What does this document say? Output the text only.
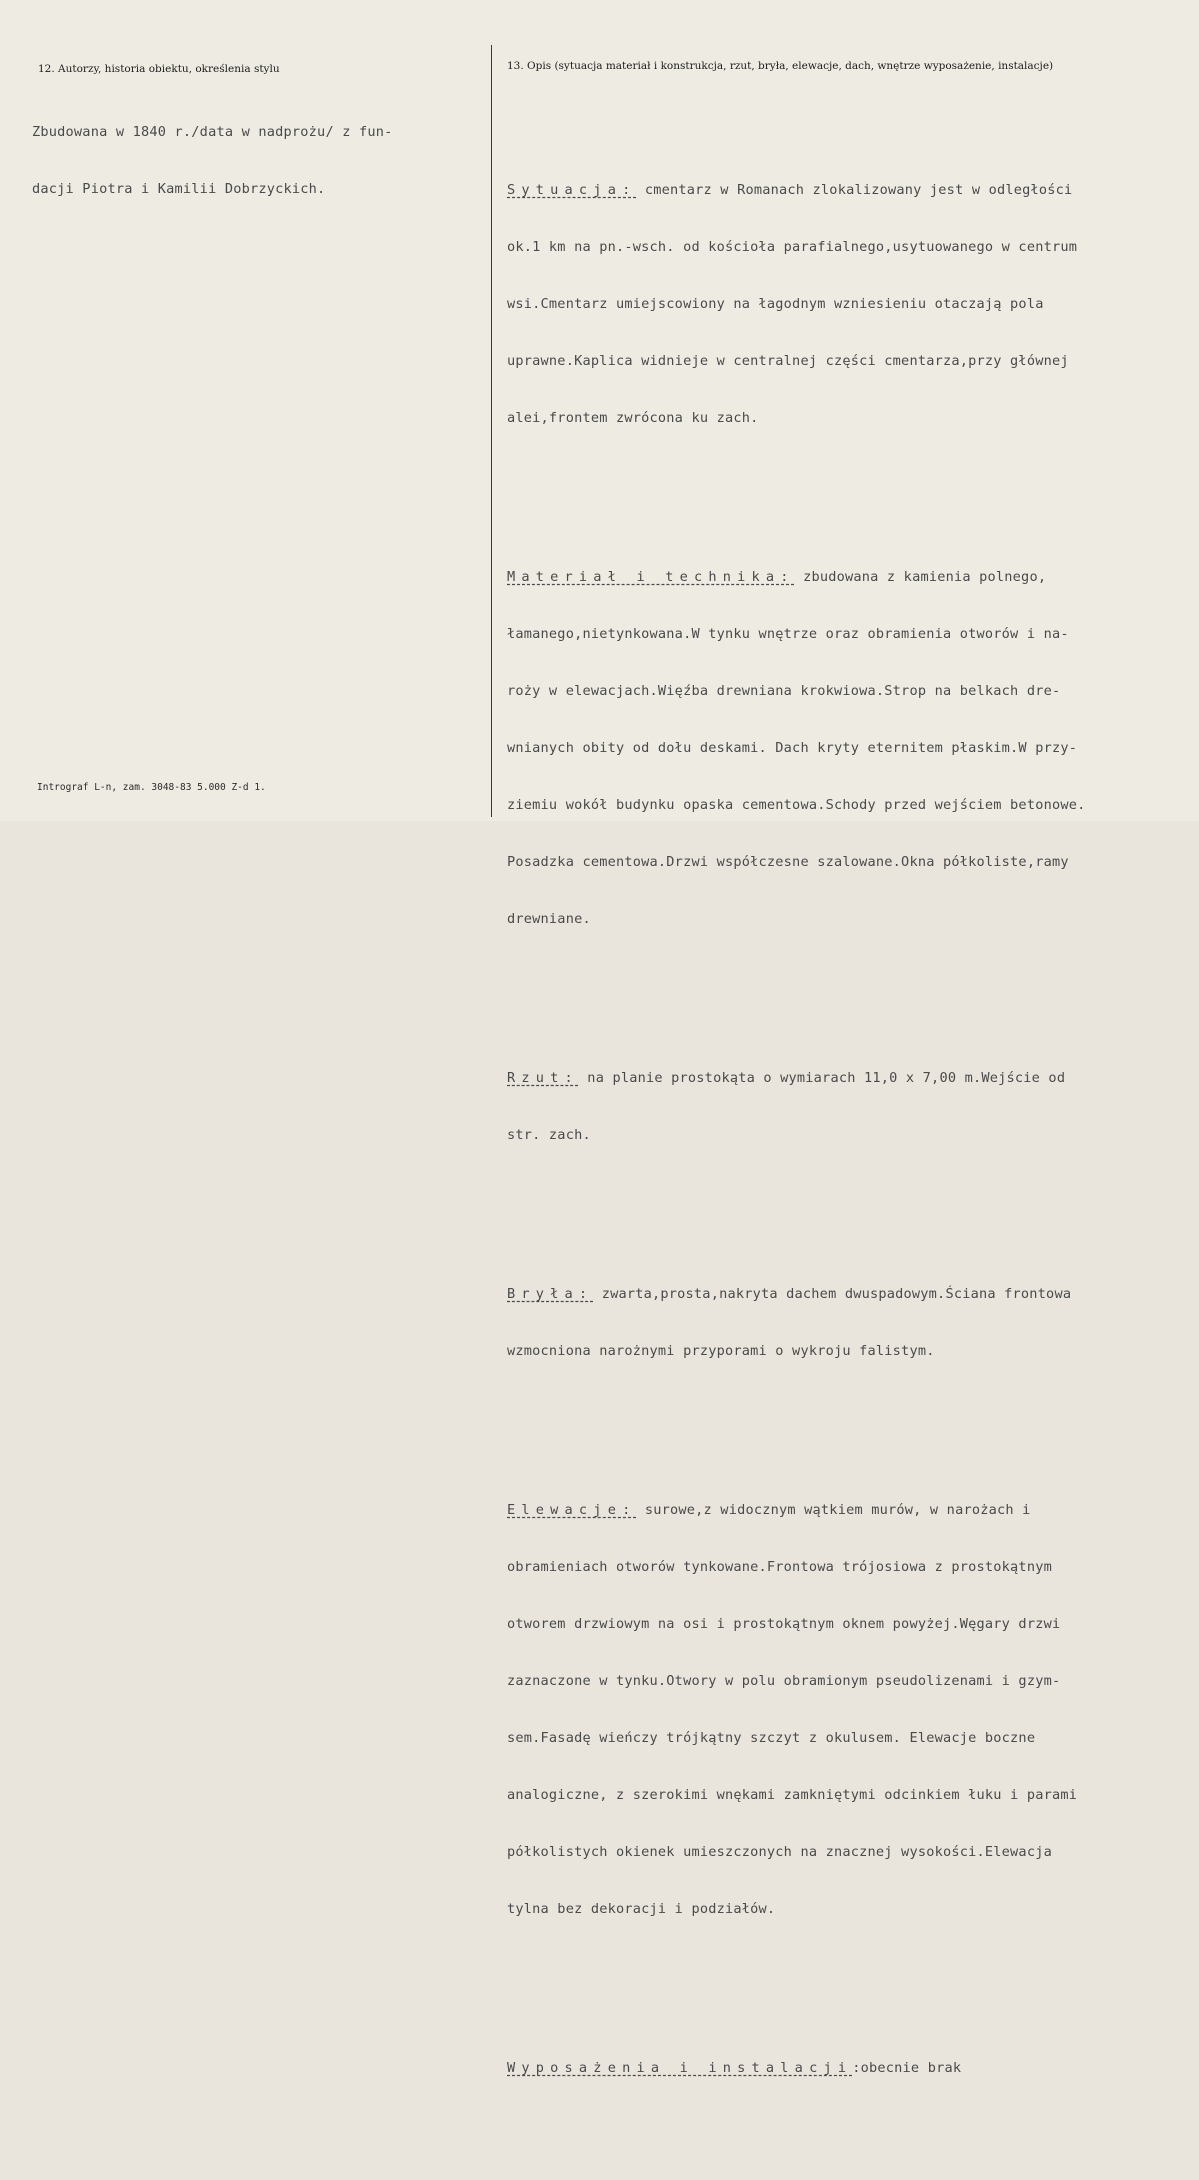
12. Autorzy, historia obiektu, określenia stylu	13. Opis (sytuacja materiał i konstrukcja, rzut, bryła, elewacje, dach, wnętrze wyposażenie, instalacje)

Zbudowana w 1840 r./data w nadprożu/ z fun-

dacji Piotra i Kamilii Dobrzyckich.

	Sytuacja: cmentarz w Romanach zlokalizowany jest w odległości

ok.1 km na pn.-wsch. od kościoła parafialnego,usytuowanego w centrum

wsi.Cmentarz umiejscowiony na łagodnym wzniesieniu otaczają pola

uprawne.Kaplica widnieje w centralnej części cmentarza,przy głównej

alei,frontem zwrócona ku zach.

Materiał i technika: zbudowana z kamienia polnego,

łamanego,nietynkowana.W tynku wnętrze oraz obramienia otworów i na-

roży w elewacjach.Więźba drewniana krokwiowa.Strop na belkach dre-

wnianych obity od dołu deskami. Dach kryty eternitem płaskim.W przy-

ziemiu wokół budynku opaska cementowa.Schody przed wejściem betonowe.

Posadzka cementowa.Drzwi współczesne szalowane.Okna półkoliste,ramy

drewniane.

Rzut: na planie prostokąta o wymiarach 11,0 x 7,00 m.Wejście od

str. zach.

Bryła: zwarta,prosta,nakryta dachem dwuspadowym.Ściana frontowa

wzmocniona narożnymi przyporami o wykroju falistym.

Elewacje: surowe,z widocznym wątkiem murów, w narożach i

obramieniach otworów tynkowane.Frontowa trójosiowa z prostokątnym

otworem drzwiowym na osi i prostokątnym oknem powyżej.Węgary drzwi

zaznaczone w tynku.Otwory w polu obramionym pseudolizenami i gzym-

sem.Fasadę wieńczy trójkątny szczyt z okulusem. Elewacje boczne

analogiczne, z szerokimi wnękami zamkniętymi odcinkiem łuku i parami

półkolistych okienek umieszczonych na znacznej wysokości.Elewacja

tylna bez dekoracji i podziałów.

Wyposażenia i instalacji:obecnie brak

Intrograf L-n, zam. 3048-83 5.000 Z-d 1.
